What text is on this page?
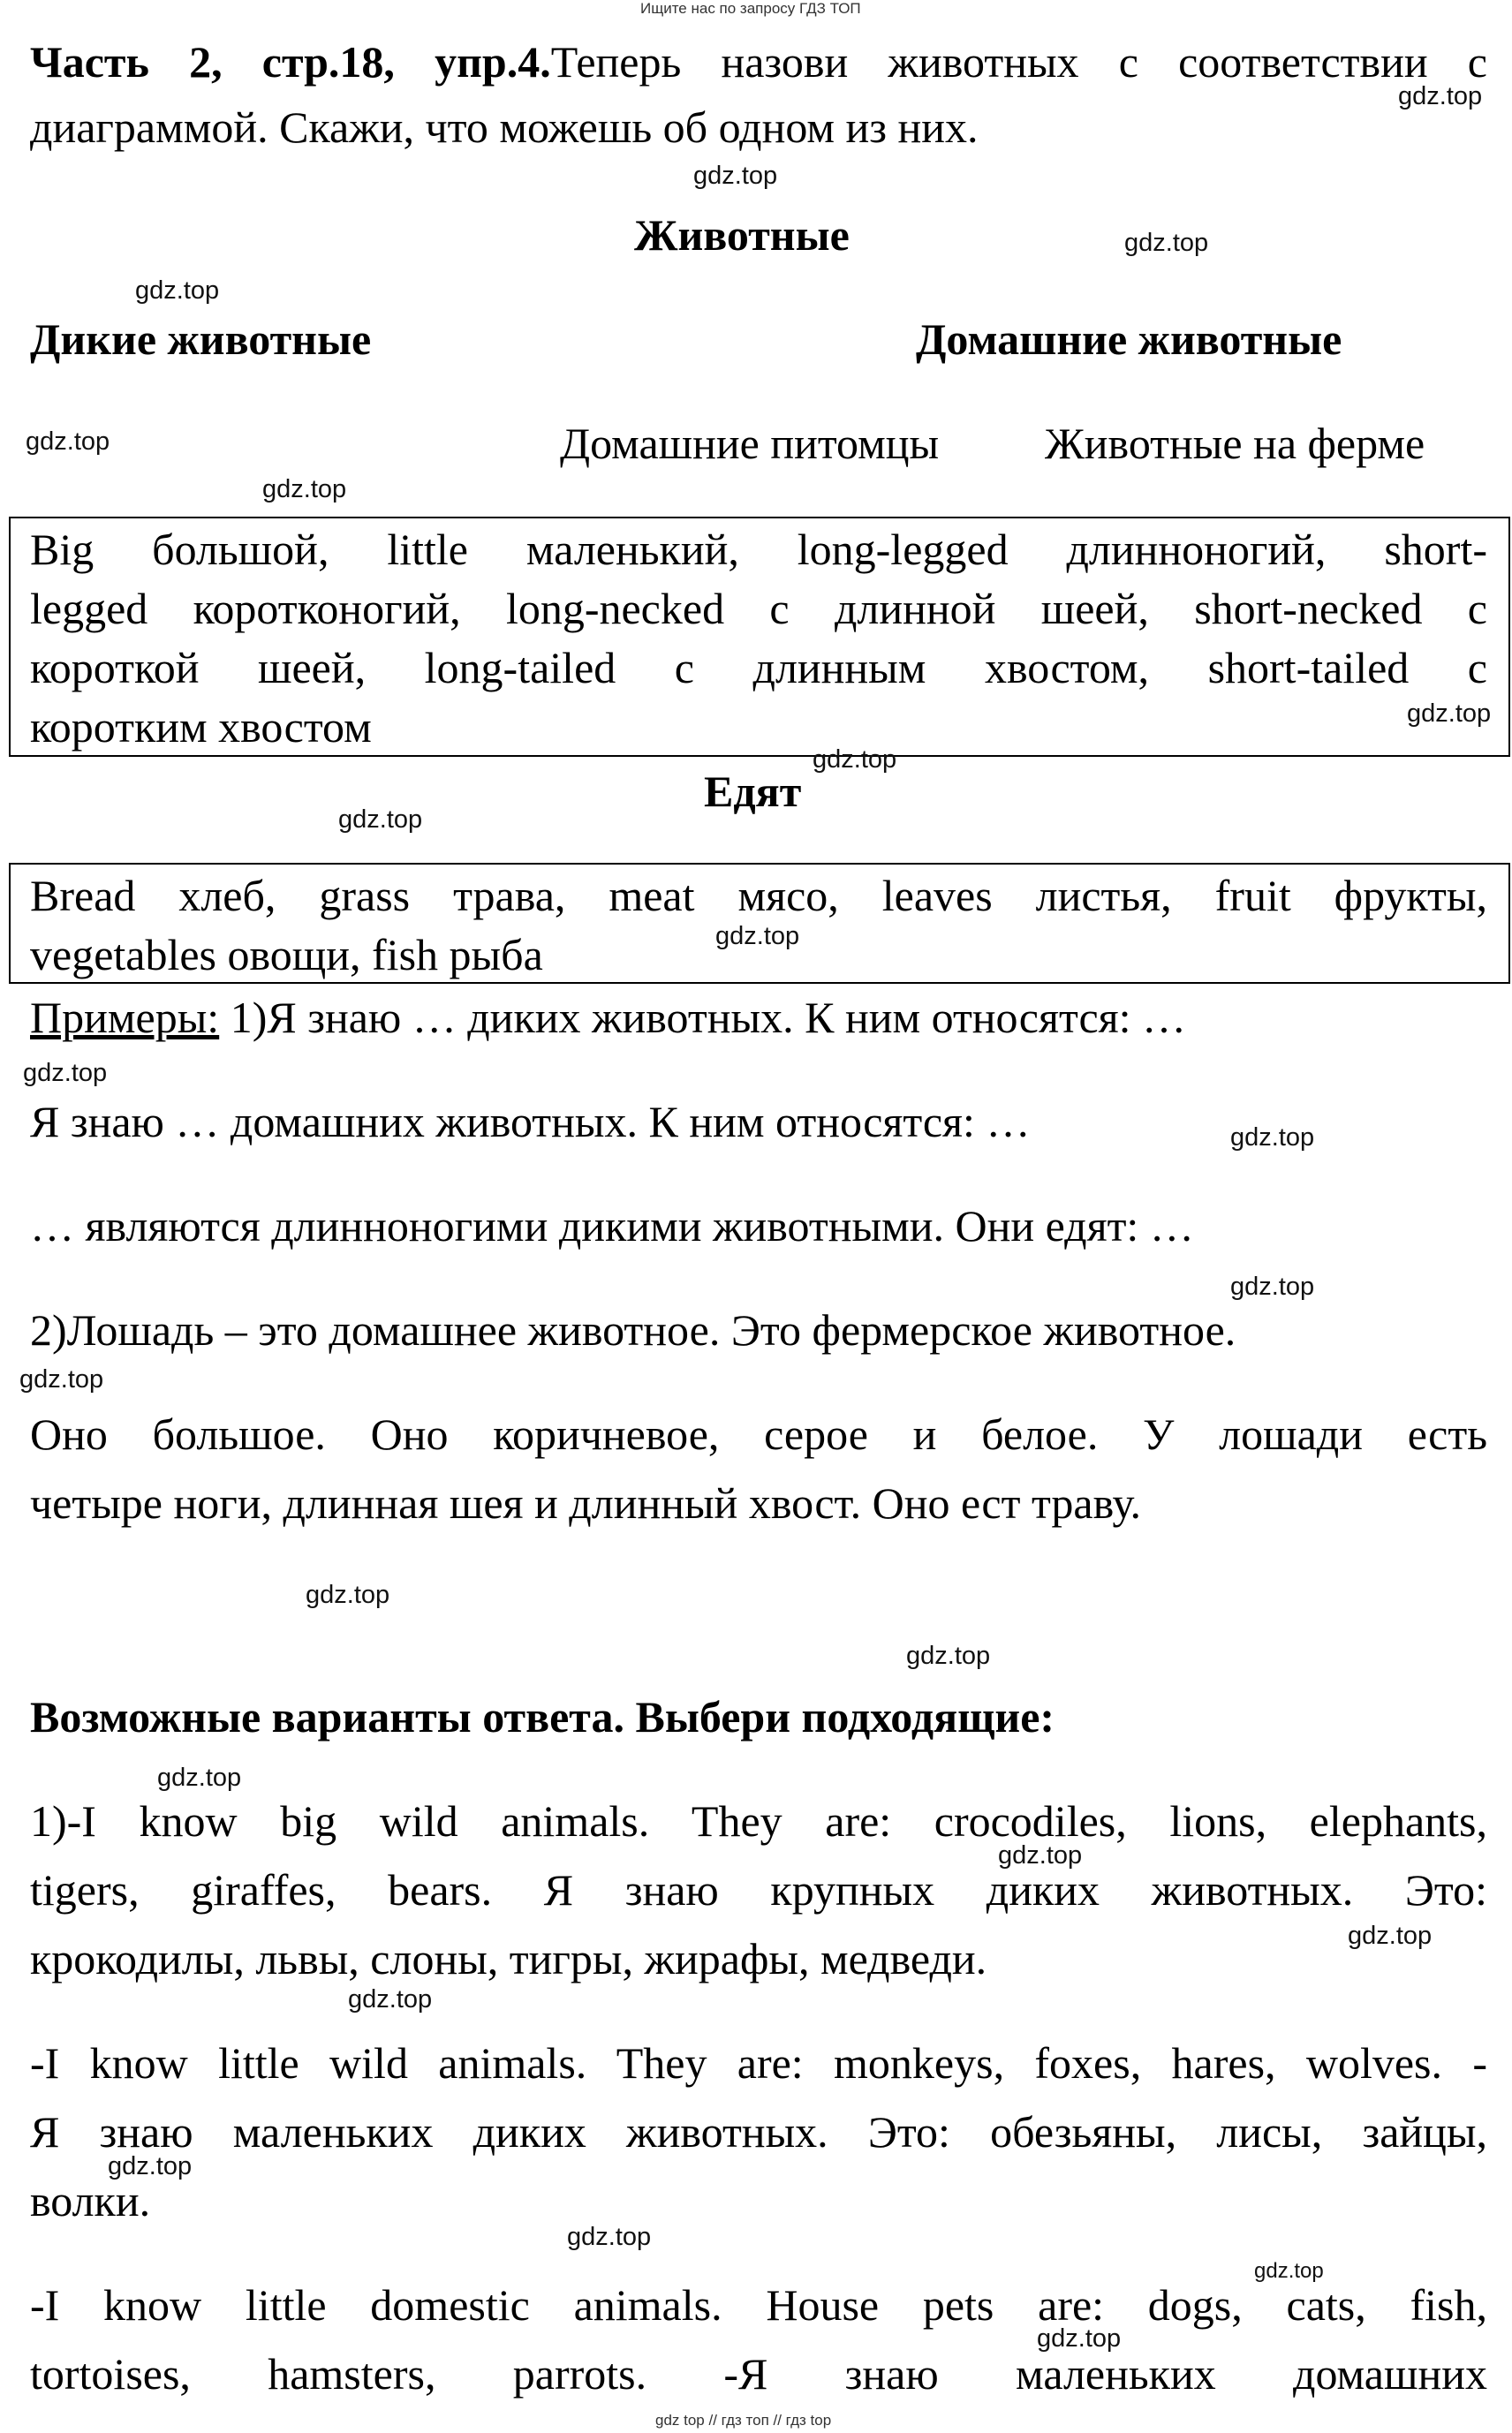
Ищите нас по запросу ГДЗ ТОП
Часть 2, стр.18, упр.4.Теперь назови животных с соответствии с
диаграммой. Скажи, что можешь об одном из них.
Животные
Дикие животные	Домашние животные
Домашние питомцы Животные на ферме
Big большой, little маленький, long-legged длинноногий, short-
legged коротконогий, long-necked с длинной шеей, short-necked с
короткой шеей, long-tailed с длинным хвостом, short-tailed с
коротким хвостом
Едят
Bread хлеб, grass трава, meat мясо, leaves листья, fruit фрукты,
vegetables овощи, fish рыба
Примеры: 1)Я знаю … диких животных. К ним относятся: …
Я знаю … домашних животных. К ним относятся: …
… являются длинноногими дикими животными. Они едят: …
2)Лошадь – это домашнее животное. Это фермерское животное.
Оно большое. Оно коричневое, серое и белое. У лошади есть
четыре ноги, длинная шея и длинный хвост. Оно ест траву.
Возможные варианты ответа. Выбери подходящие:
1)-I know big wild animals. They are: crocodiles, lions, elephants,
tigers, giraffes, bears. Я знаю крупных диких животных. Это:
крокодилы, львы, слоны, тигры, жирафы, медведи.
-I know little wild animals. They are: monkeys, foxes, hares, wolves. -
Я знаю маленьких диких животных. Это: обезьяны, лисы, зайцы,
волки.
-I know little domestic animals. House pets are: dogs, cats, fish,
tortoises, hamsters, parrots. -Я знаю маленьких домашних
gdz.top
gdz.top
gdz.top
gdz.top
gdz.top
gdz.top
gdz.top
gdz.top
gdz.top
gdz.top
gdz.top
gdz.top
gdz.top
gdz.top
gdz.top
gdz.top
gdz.top
gdz.top
gdz.top
gdz.top
gdz.top
gdz.top
gdz.top
gdz.top
gdz top // гдз топ // гдз top
